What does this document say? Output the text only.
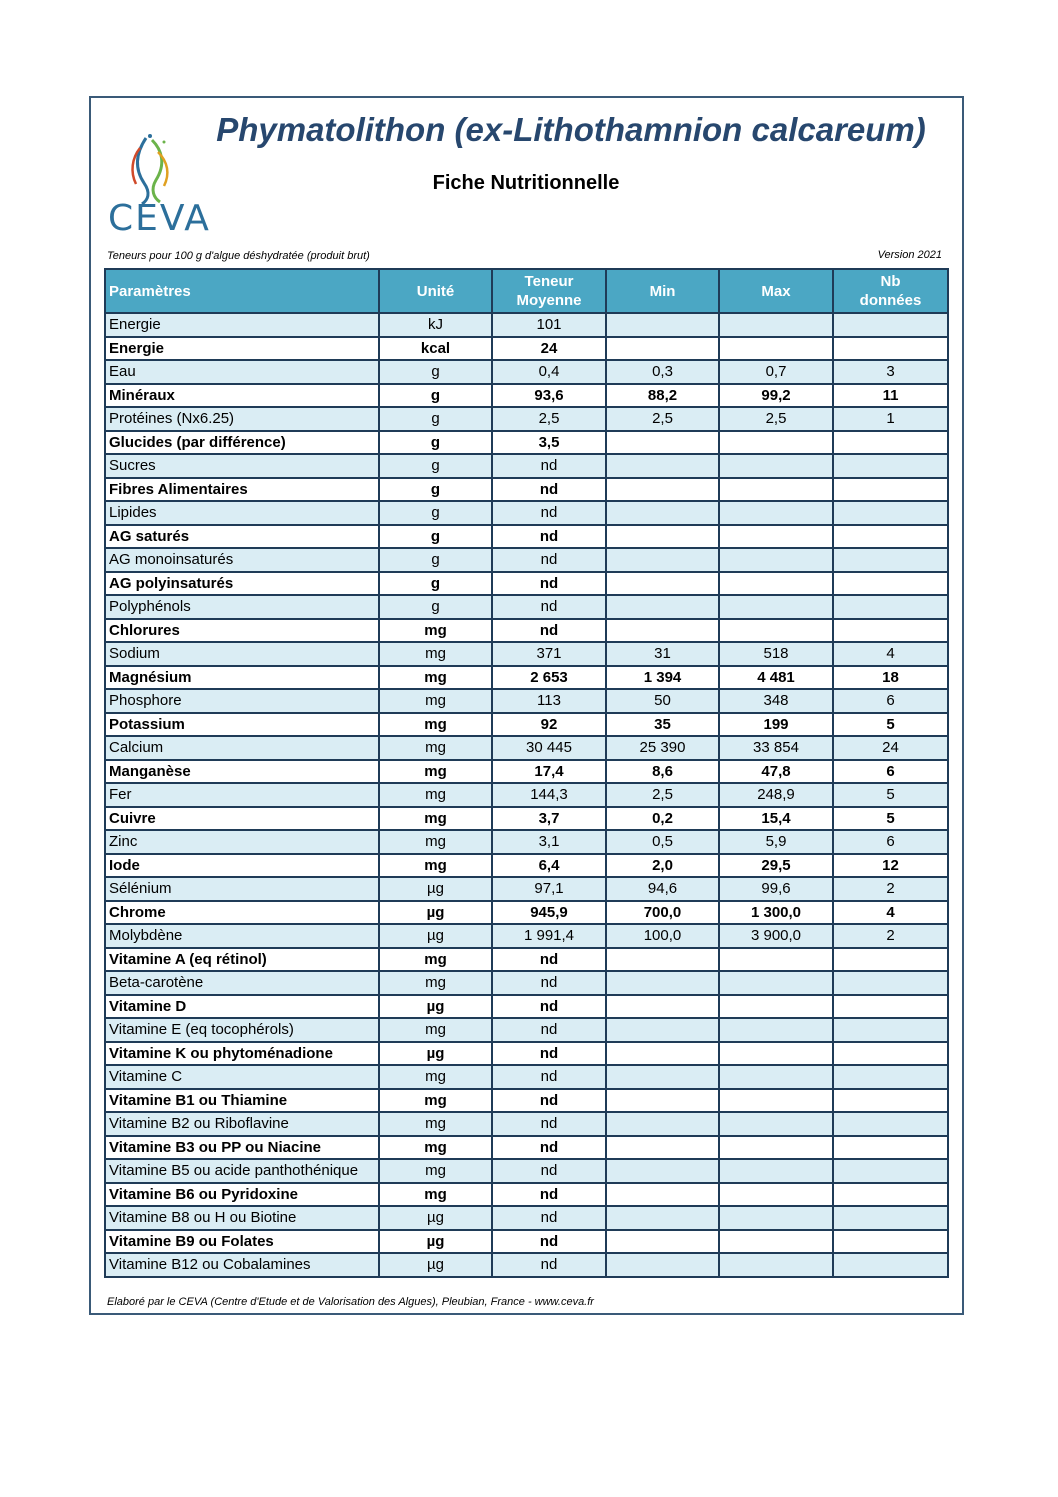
CEVA
Phymatolithon (ex-Lithothamnion calcareum)
Fiche Nutritionnelle
Teneurs pour 100 g d'algue déshydratée (produit brut)	Version 2021
Paramètres	Unité	Teneur Moyenne	Min	Max	Nb données

Energie	kJ	101			
Energie	kcal	24			
Eau	g	0,4	0,3	0,7	3
Minéraux	g	93,6	88,2	99,2	11
Protéines (Nx6.25)	g	2,5	2,5	2,5	1
Glucides (par différence)	g	3,5			
Sucres	g	nd			
Fibres Alimentaires	g	nd			
Lipides	g	nd			
AG saturés	g	nd			
AG monoinsaturés	g	nd			
AG polyinsaturés	g	nd			
Polyphénols	g	nd			
Chlorures	mg	nd			
Sodium	mg	371	31	518	4
Magnésium	mg	2 653	1 394	4 481	18
Phosphore	mg	113	50	348	6
Potassium	mg	92	35	199	5
Calcium	mg	30 445	25 390	33 854	24
Manganèse	mg	17,4	8,6	47,8	6
Fer	mg	144,3	2,5	248,9	5
Cuivre	mg	3,7	0,2	15,4	5
Zinc	mg	3,1	0,5	5,9	6
Iode	mg	6,4	2,0	29,5	12
Sélénium	µg	97,1	94,6	99,6	2
Chrome	µg	945,9	700,0	1 300,0	4
Molybdène	µg	1 991,4	100,0	3 900,0	2
Vitamine A (eq rétinol)	mg	nd			
Beta-carotène	mg	nd			
Vitamine D	µg	nd			
Vitamine E (eq tocophérols)	mg	nd			
Vitamine K ou phytoménadione	µg	nd			
Vitamine C	mg	nd			
Vitamine B1 ou Thiamine	mg	nd			
Vitamine B2 ou Riboflavine	mg	nd			
Vitamine B3 ou PP ou Niacine	mg	nd			
Vitamine B5 ou acide panthothénique	mg	nd			
Vitamine B6 ou Pyridoxine	mg	nd			
Vitamine B8 ou H ou Biotine	µg	nd			
Vitamine B9 ou Folates	µg	nd			
Vitamine B12 ou Cobalamines	µg	nd			
Elaboré par le CEVA (Centre d'Etude et de Valorisation des Algues), Pleubian, France - www.ceva.fr
